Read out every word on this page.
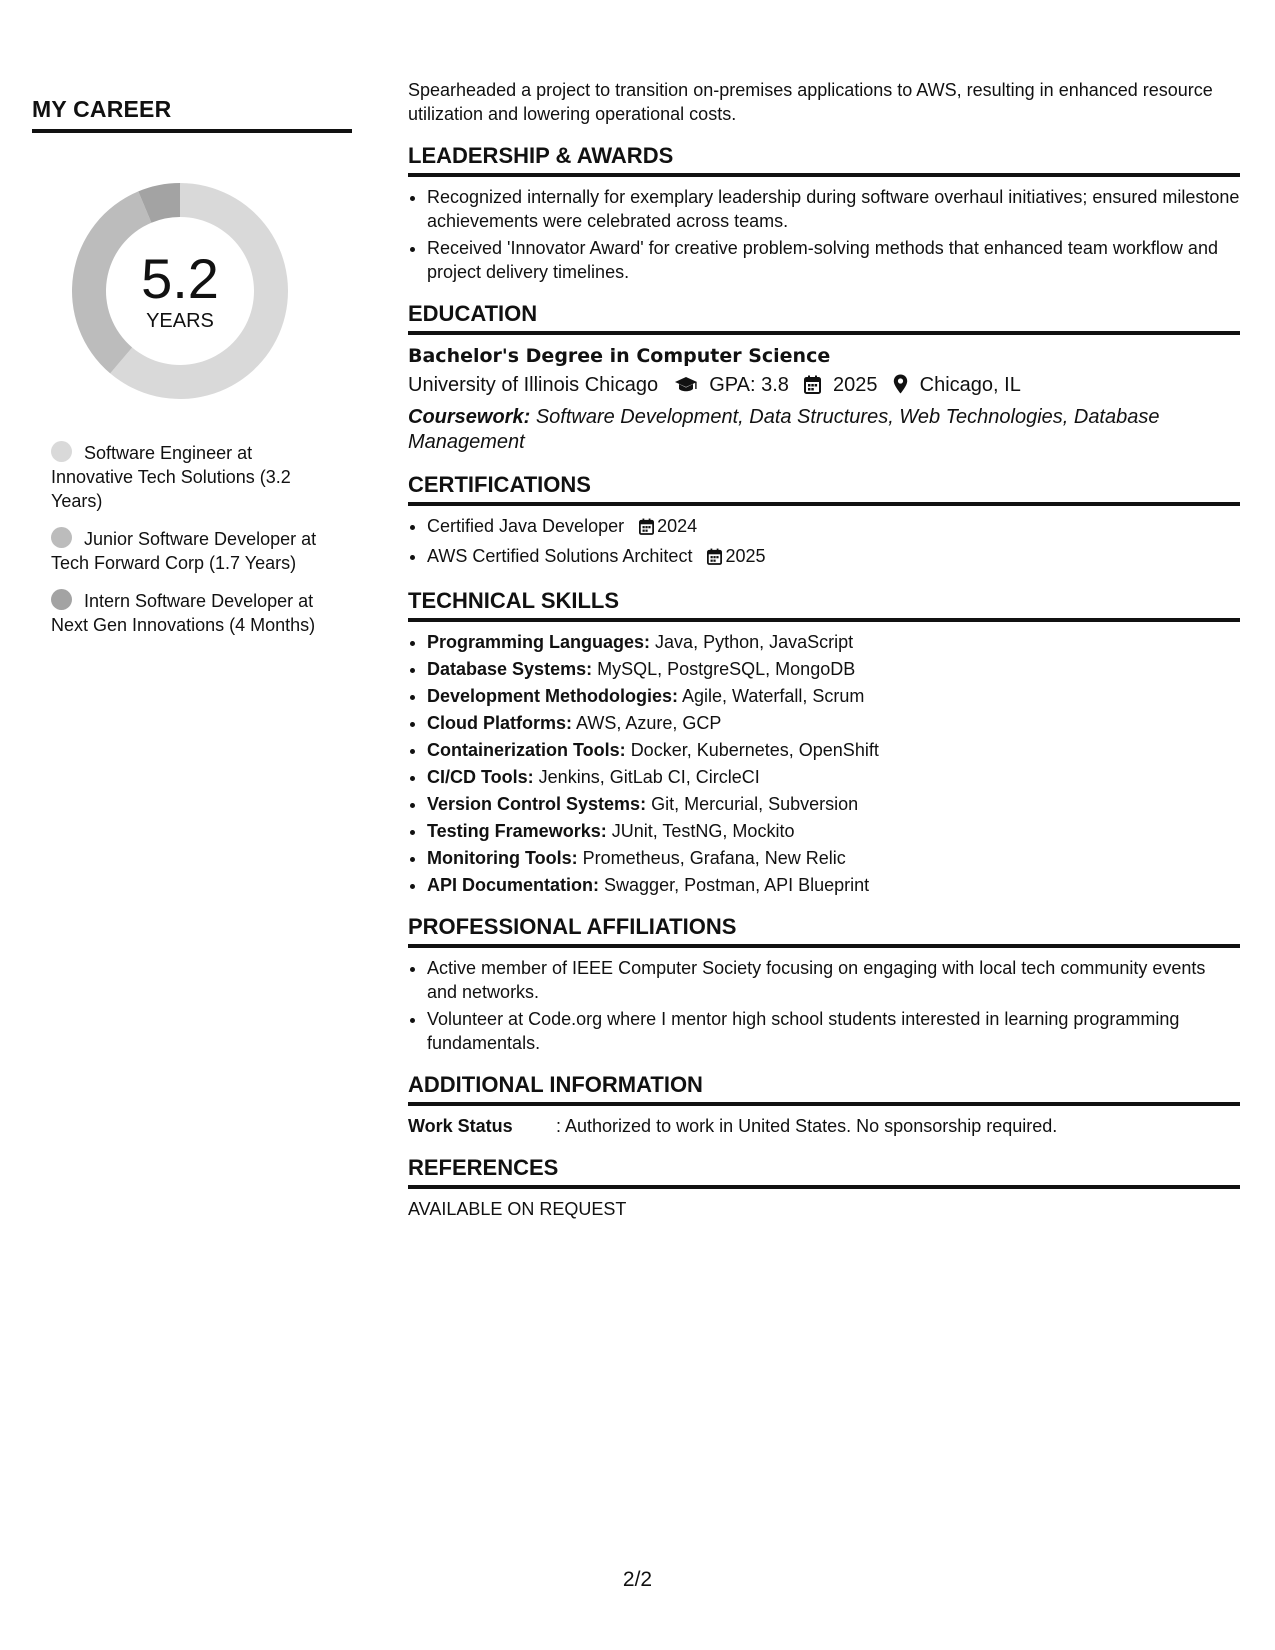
MY CAREER
5.2
YEARS
Software Engineer at Innovative Tech Solutions (3.2 Years)
Junior Software Developer at Tech Forward Corp (1.7 Years)
Intern Software Developer at Next Gen Innovations (4 Months)
Spearheaded a project to transition on-premises applications to AWS, resulting in enhanced resource utilization and lowering operational costs.
LEADERSHIP & AWARDS
• Recognized internally for exemplary leadership during software overhaul initiatives; ensured milestone achievements were celebrated across teams.
• Received 'Innovator Award' for creative problem-solving methods that enhanced team workflow and project delivery timelines.
EDUCATION
Bachelor's Degree in Computer Science
University of Illinois Chicago	GPA: 3.8 2025 Chicago, IL
Coursework: Software Development, Data Structures, Web Technologies, Database Management
CERTIFICATIONS
• Certified Java Developer 2024
• AWS Certified Solutions Architect 2025
TECHNICAL SKILLS
• Programming Languages: Java, Python, JavaScript
• Database Systems: MySQL, PostgreSQL, MongoDB
• Development Methodologies: Agile, Waterfall, Scrum
• Cloud Platforms: AWS, Azure, GCP
• Containerization Tools: Docker, Kubernetes, OpenShift
• CI/CD Tools: Jenkins, GitLab CI, CircleCI
• Version Control Systems: Git, Mercurial, Subversion
• Testing Frameworks: JUnit, TestNG, Mockito
• Monitoring Tools: Prometheus, Grafana, New Relic
• API Documentation: Swagger, Postman, API Blueprint
PROFESSIONAL AFFILIATIONS
• Active member of IEEE Computer Society focusing on engaging with local tech community events and networks.
• Volunteer at Code.org where I mentor high school students interested in learning programming fundamentals.
ADDITIONAL INFORMATION
Work Status	: Authorized to work in United States. No sponsorship required.
REFERENCES
AVAILABLE ON REQUEST
2/2
